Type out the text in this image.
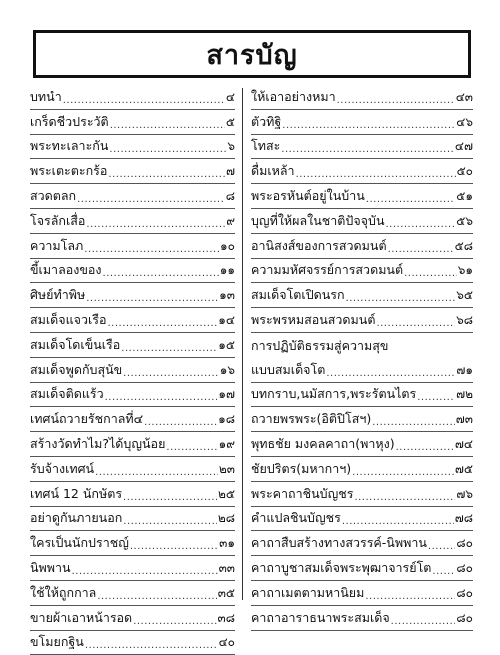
สารบัญ
บทนำ .....	๔
เกร็ดชีวประวัติ .....	๕
พระทะเลาะกัน .....	๖
พระเตะตะกร้อ .....	๗
สวดตลก .....	๘
โจรลักเสื่อ .....	๙
ความโลภ .....	๑๐
ขี้เมาลองของ .....	๑๑
ศิษย์ทำพิษ .....	๑๓
สมเด็จแจวเรือ .....	๑๔
สมเด็จโดเข็นเรือ .....	๑๕
สมเด็จพูดกับสุนัข .....	๑๖
สมเด็จติดแร้ว .....	๑๗
เทศน์ถวายรัชกาลที่๔ .....	๑๘
สร้างวัดทำไม?ได้บุญน้อย .....	๑๙
รับจ้างเทศน์ .....	๒๓
เทศน์ 12 นักษัตร .....	๒๕
อย่าดูกันภายนอก .....	๒๘
ใครเป็นนักปราชญ์ .....	๓๑
นิพพาน .....	๓๓
ใช้ให้ถูกกาล .....	๓๕
ขายผ้าเอาหน้ารอด .....	๓๘
ขโมยกฐิน .....	๔๐
ให้เอาอย่างหมา .....	๔๓
ตัวทิฐิ .....	๔๖
โทสะ .....	๔๗
ดื่มเหล้า .....	๕๐
พระอรหันต์อยู่ในบ้าน .....	๕๑
บุญที่ให้ผลในชาติปัจจุบัน .....	๕๖
อานิสงส์ของการสวดมนต์ .....	๕๘
ความมหัศจรรย์การสวดมนต์ .....	๖๑
สมเด็จโตเปิดนรก .....	๖๕
พระพรหมสอนสวดมนต์ .....	๖๘
การปฏิบัติธรรมสู่ความสุข
แบบสมเด็จโต .....	๗๑
บทกราบ,นมัสการ,พระรัตนไตร .....	๗๒
ถวายพรพระ(อิติปิโสฯ) .....	๗๓
พุทธชัย มงคลคาถา(พาหุง) .....	๗๔
ชัยปริตร(มหากาฯ) .....	๗๕
พระคาถาชินบัญชร .....	๗๖
คำแปลชินบัญชร .....	๗๘
คาถาสืบสร้างทางสวรรค์-นิพพาน ..... ๘๐
คาถาบูชาสมเด็จพระพุฒาจารย์โต ..... ๘๐
คาถาเมตตามหานิยม .....	๘๐
คาถาอาราธนาพระสมเด็จ .....	๘๐
